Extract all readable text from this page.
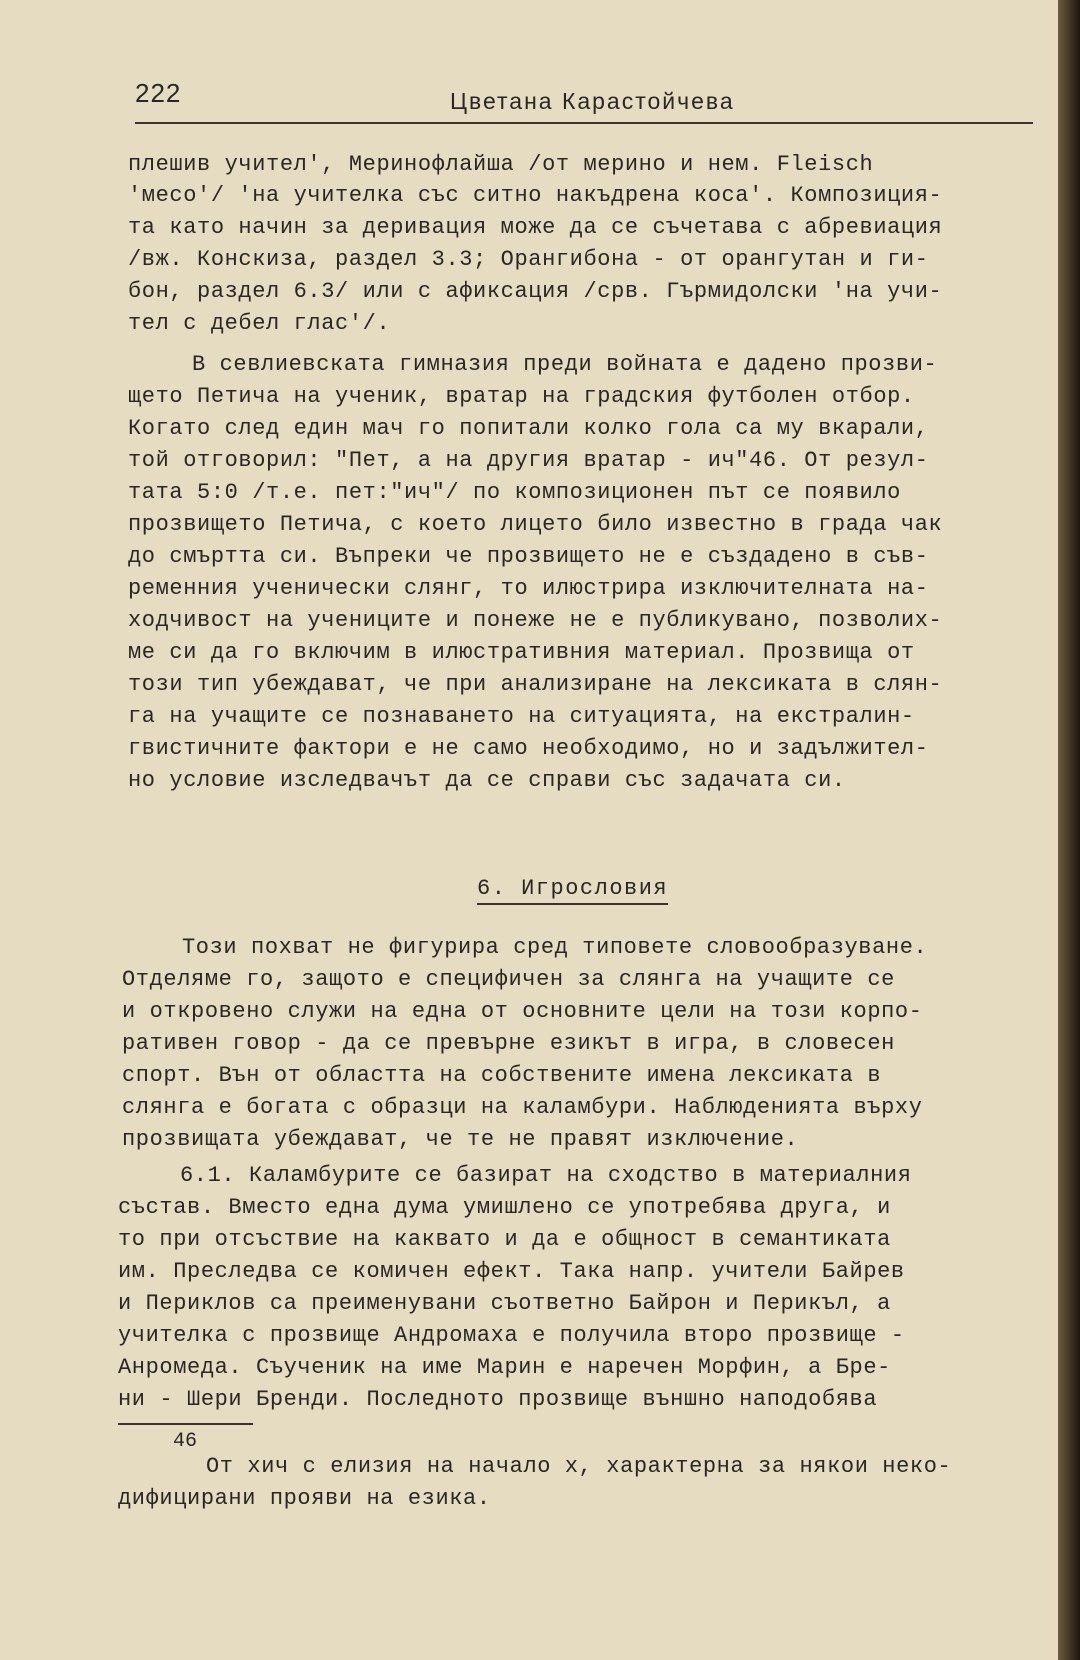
222	Цветана Карастойчева
плешив учител', Меринофлайша /от мерино и нем. Fleisch
'месо'/ 'на учителка със ситно накъдрена коса'. Композиция-
та като начин за деривация може да се съчетава с абревиация
/вж. Конскиза, раздел 3.3; Орангибона - от орангутан и ги-
бон, раздел 6.3/ или с афиксация /срв. Гърмидолски 'на учи-
тел с дебел глас'/.
В севлиевската гимназия преди войната е дадено прозви-
щето Петича на ученик, вратар на градския футболен отбор.
Когато след един мач го попитали колко гола са му вкарали,
той отговорил: "Пет, а на другия вратар - ич"46. От резул-
тата 5:0 /т.е. пет:"ич"/ по композиционен път се появило
прозвището Петича, с което лицето било известно в града чак
до смъртта си. Въпреки че прозвището не е създадено в съв-
ременния ученически слянг, то илюстрира изключителната на-
ходчивост на учениците и понеже не е публикувано, позволих-
ме си да го включим в илюстративния материал. Прозвища от
този тип убеждават, че при анализиране на лексиката в слян-
га на учащите се познаването на ситуацията, на екстралин-
гвистичните фактори е не само необходимо, но и задължител-
но условие изследвачът да се справи със задачата си.
6. Игрословия
Този похват не фигурира сред типовете словообразуване.
Отделяме го, защото е специфичен за слянга на учащите се
и откровено служи на една от основните цели на този корпо-
ративен говор - да се превърне езикът в игра, в словесен
спорт. Вън от областта на собствените имена лексиката в
слянга е богата с образци на каламбури. Наблюденията върху
прозвищата убеждават, че те не правят изключение.
6.1. Каламбурите се базират на сходство в материалния
състав. Вместо една дума умишлено се употребява друга, и
то при отсъствие на каквато и да е общност в семантиката
им. Преследва се комичен ефект. Така напр. учители Байрев
и Периклов са преименувани съответно Байрон и Перикъл, а
учителка с прозвище Андромаха е получила второ прозвище -
Анромеда. Съученик на име Марин е наречен Морфин, а Бре-
ни - Шери Бренди. Последното прозвище външно наподобява
46
От хич с елизия на начало х, характерна за някои неко-
дифицирани прояви на езика.
